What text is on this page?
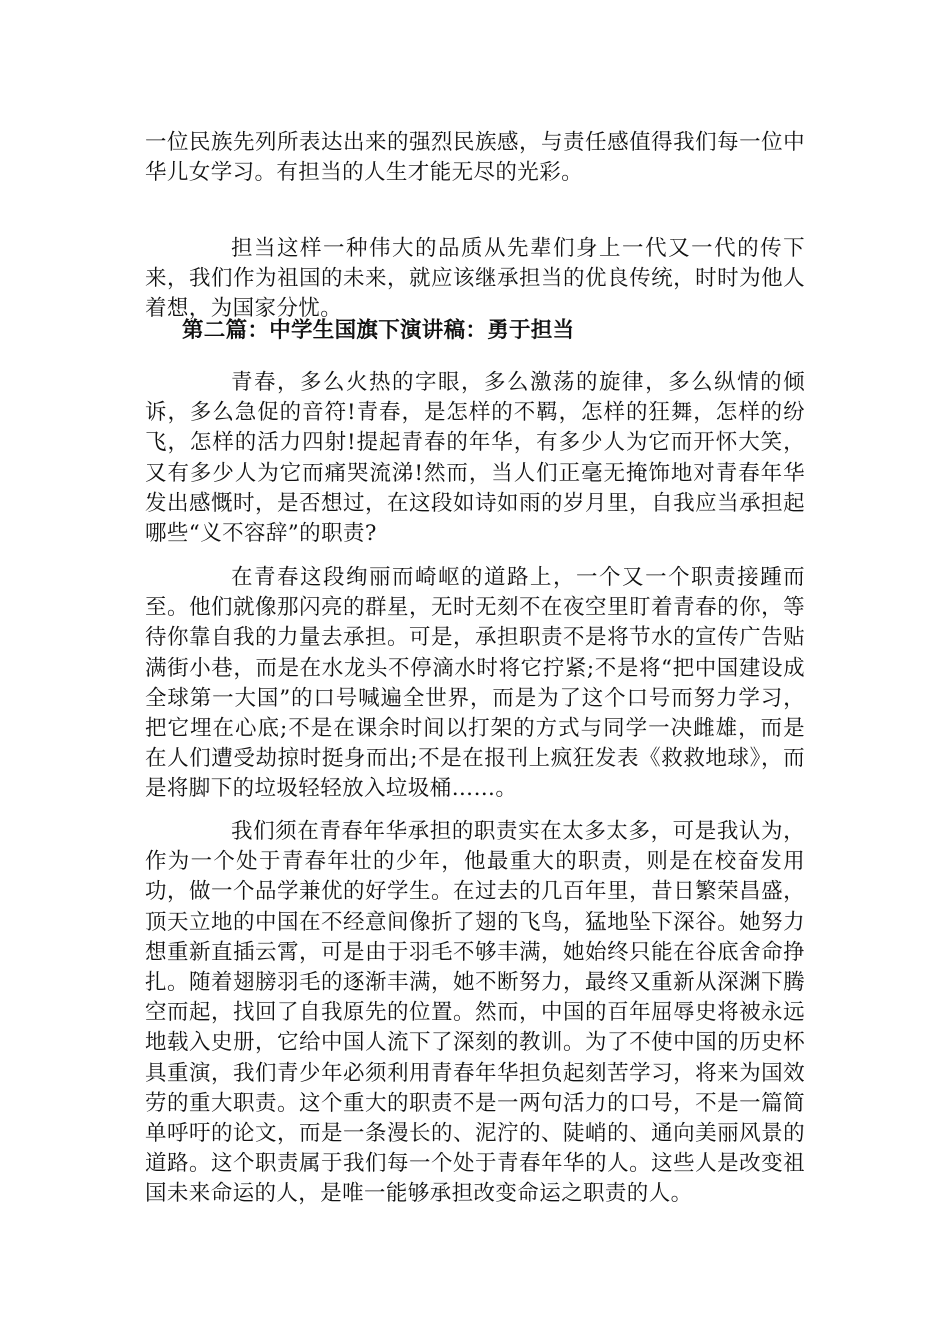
一位民族先列所表达出来的强烈民族感，与责任感值得我们每一位中华儿女学习。有担当的人生才能无尽的光彩。

担当这样一种伟大的品质从先辈们身上一代又一代的传下来，我们作为祖国的未来，就应该继承担当的优良传统，时时为他人着想，为国家分忧。

第二篇：中学生国旗下演讲稿：勇于担当

青春，多么火热的字眼，多么激荡的旋律，多么纵情的倾诉，多么急促的音符!青春，是怎样的不羁，怎样的狂舞，怎样的纷飞，怎样的活力四射!提起青春的年华，有多少人为它而开怀大笑，又有多少人为它而痛哭流涕!然而，当人们正毫无掩饰地对青春年华发出感慨时，是否想过，在这段如诗如雨的岁月里，自我应当承担起哪些“义不容辞”的职责?

在青春这段绚丽而崎岖的道路上，一个又一个职责接踵而至。他们就像那闪亮的群星，无时无刻不在夜空里盯着青春的你，等待你靠自我的力量去承担。可是，承担职责不是将节水的宣传广告贴满街小巷，而是在水龙头不停滴水时将它拧紧;不是将“把中国建设成全球第一大国”的口号喊遍全世界，而是为了这个口号而努力学习，把它埋在心底;不是在课余时间以打架的方式与同学一决雌雄，而是在人们遭受劫掠时挺身而出;不是在报刊上疯狂发表《救救地球》，而是将脚下的垃圾轻轻放入垃圾桶……。

我们须在青春年华承担的职责实在太多太多，可是我认为，作为一个处于青春年壮的少年，他最重大的职责，则是在校奋发用功，做一个品学兼优的好学生。在过去的几百年里，昔日繁荣昌盛，顶天立地的中国在不经意间像折了翅的飞鸟，猛地坠下深谷。她努力想重新直插云霄，可是由于羽毛不够丰满，她始终只能在谷底舍命挣扎。随着翅膀羽毛的逐渐丰满，她不断努力，最终又重新从深渊下腾空而起，找回了自我原先的位置。然而，中国的百年屈辱史将被永远地载入史册，它给中国人流下了深刻的教训。为了不使中国的历史杯具重演，我们青少年必须利用青春年华担负起刻苦学习，将来为国效劳的重大职责。这个重大的职责不是一两句活力的口号，不是一篇简单呼吁的论文，而是一条漫长的、泥泞的、陡峭的、通向美丽风景的道路。这个职责属于我们每一个处于青春年华的人。这些人是改变祖国未来命运的人，是唯一能够承担改变命运之职责的人。
